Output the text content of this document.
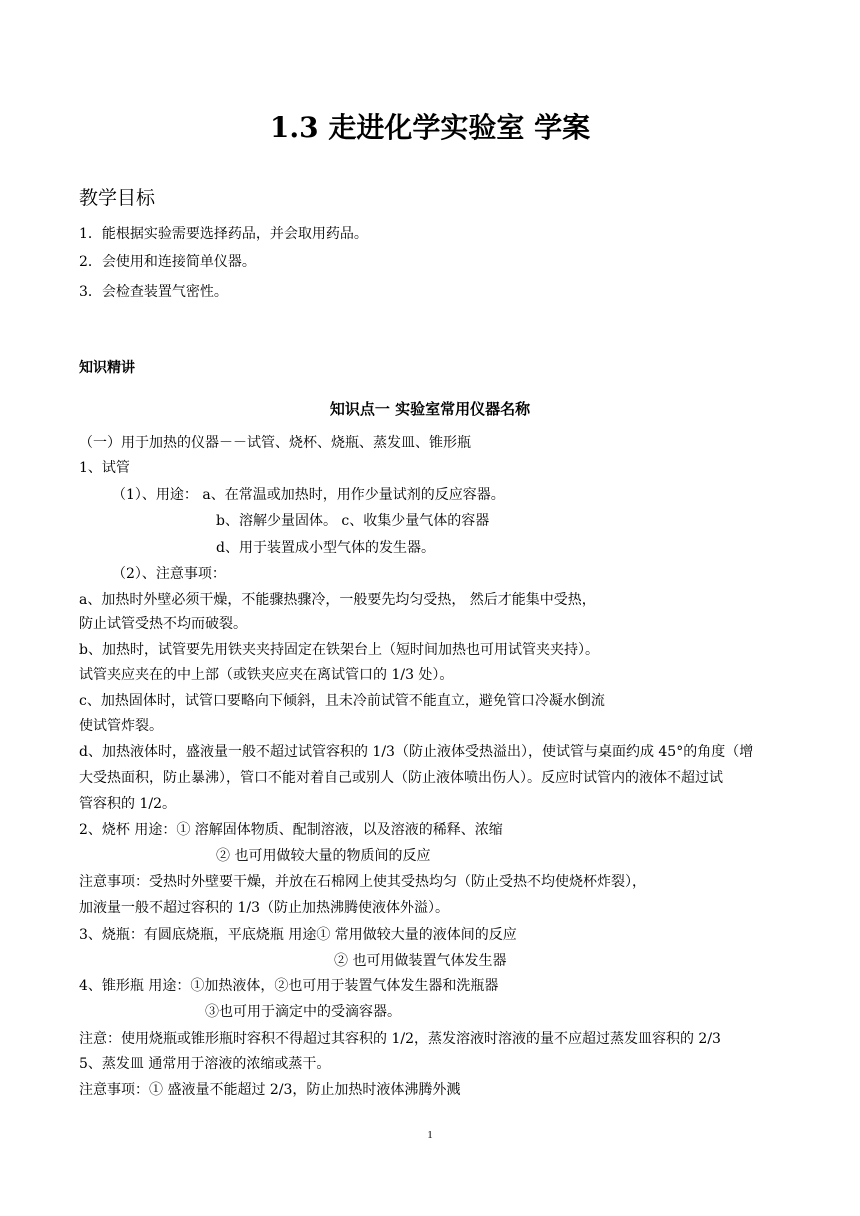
1.3 走进化学实验室 学案
教学目标
1．能根据实验需要选择药品，并会取用药品。
2．会使用和连接简单仪器。
3．会检查装置气密性。
知识精讲
知识点一 实验室常用仪器名称
（一）用于加热的仪器－－试管、烧杯、烧瓶、蒸发皿、锥形瓶
1、试管
（1）、用途： a、在常温或加热时，用作少量试剂的反应容器。
b、溶解少量固体。 c、收集少量气体的容器
d、用于装置成小型气体的发生器。
（2）、注意事项：
a、加热时外壁必须干燥，不能骤热骤冷，一般要先均匀受热， 然后才能集中受热，
防止试管受热不均而破裂。
b、加热时，试管要先用铁夹夹持固定在铁架台上（短时间加热也可用试管夹夹持）。
试管夹应夹在的中上部（或铁夹应夹在离试管口的 1/3 处）。
c、加热固体时，试管口要略向下倾斜，且未冷前试管不能直立，避免管口冷凝水倒流
使试管炸裂。
d、加热液体时，盛液量一般不超过试管容积的 1/3（防止液体受热溢出），使试管与桌面约成 45°的角度（增
大受热面积，防止暴沸），管口不能对着自己或别人（防止液体喷出伤人）。反应时试管内的液体不超过试
管容积的 1/2。
2、烧杯 用途：① 溶解固体物质、配制溶液，以及溶液的稀释、浓缩
② 也可用做较大量的物质间的反应
注意事项：受热时外壁要干燥，并放在石棉网上使其受热均匀（防止受热不均使烧杯炸裂），
加液量一般不超过容积的 1/3（防止加热沸腾使液体外溢）。
3、烧瓶：有圆底烧瓶，平底烧瓶 用途① 常用做较大量的液体间的反应
② 也可用做装置气体发生器
4、锥形瓶 用途：①加热液体，②也可用于装置气体发生器和洗瓶器
③也可用于滴定中的受滴容器。
注意：使用烧瓶或锥形瓶时容积不得超过其容积的 1/2，蒸发溶液时溶液的量不应超过蒸发皿容积的 2/3
5、蒸发皿 通常用于溶液的浓缩或蒸干。
注意事项：① 盛液量不能超过 2/3，防止加热时液体沸腾外溅
1
